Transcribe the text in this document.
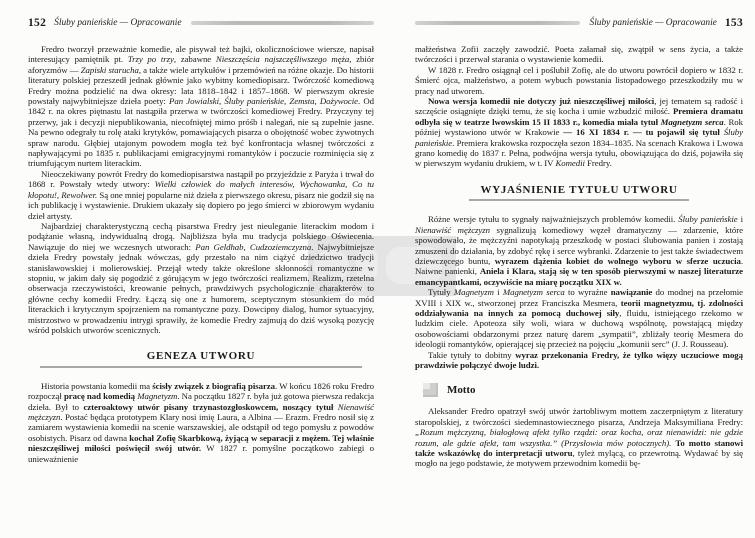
152 Śluby panieńskie — Opracowanie

Fredro tworzył przeważnie komedie, ale pisywał też bajki, okolicznościowe wiersze, napisał interesujący pamiętnik pt. Trzy po trzy, zabawne Nieszczęścia najszczęśliwszego męża, zbiór aforyzmów — Zapiski starucha, a także wiele artykułów i przemówień na różne okazje. Do historii literatury polskiej przeszedł jednak głównie jako wybitny komediopisarz. Twórczość komediową Fredry można podzielić na dwa okresy: lata 1818–1842 i 1857–1868. W pierwszym okresie powstały najwybitniejsze dzieła poety: Pan Jowialski, Śluby panieńskie, Zemsta, Dożywocie. Od 1842 r. na okres piętnastu lat nastąpiła przerwa w twórczości komediowej Fredry. Przyczyny tej przerwy, jak i decyzji niepublikowania, niecofniętej mimo próśb i nalegań, nie są zupełnie jasne. Na pewno odegrały tu rolę ataki krytyków, pomawiających pisarza o obojętność wobec żywotnych spraw narodu. Głębiej utajonym powodem mogła też być konfrontacja własnej twórczości z napływającymi po 1835 r. publikacjami emigracyjnymi romantyków i poczucie rozminięcia się z triumfującym nurtem literackim.

Nieoczekiwany powrót Fredry do komediopisarstwa nastąpił po przyjeździe z Paryża i trwał do 1868 r. Powstały wtedy utwory: Wielki człowiek do małych interesów, Wychowanka, Co tu kłopotu!, Rewolwer. Są one mniej popularne niż dzieła z pierwszego okresu, pisarz nie godził się na ich publikację i wystawienie. Drukiem ukazały się dopiero po jego śmierci w zbiorowym wydaniu dzieł artysty.

Najbardziej charakterystyczną cechą pisarstwa Fredry jest nieuleganie literackim modom i podążanie własną, indywidualną drogą. Najbliższa była mu tradycja polskiego Oświecenia. Nawiązuje do niej we wczesnych utworach: Pan Geldhab, Cudzoziemczyzna. Najwybitniejsze dzieła Fredry powstały jednak wówczas, gdy przestało na nim ciążyć dziedzictwo tradycji stanisławowskiej i molierowskiej. Przejął wtedy także określone skłonności romantyczne w stopniu, w jakim dały się pogodzić z górującym w jego twórczości realizmem. Realizm, rzetelna obserwacja rzeczywistości, kreowanie pełnych, prawdziwych psychologicznie charakterów to główne cechy komedii Fredry. Łączą się one z humorem, sceptycznym stosunkiem do mód literackich i krytycznym spojrzeniem na romantyczne pozy. Dowcipny dialog, humor sytuacyjny, mistrzostwo w prowadzeniu intrygi sprawiły, że komedie Fredry zajmują do dziś wysoką pozycję wśród polskich utworów scenicznych.

GENEZA UTWORU

Historia powstania komedii ma ścisły związek z biografią pisarza. W końcu 1826 roku Fredro rozpoczął pracę nad komedią Magnetyzm. Na początku 1827 r. była już gotowa pierwsza redakcja dzieła. Był to czteroaktowy utwór pisany trzynastozgłoskowcem, noszący tytuł Nienawiść mężczyzn. Postać będąca prototypem Klary nosi imię Laura, a Albina — Erazm. Fredro nosił się z zamiarem wystawienia komedii na scenie warszawskiej, ale odstąpił od tego pomysłu z powodów osobistych. Pisarz od dawna kochał Zofię Skarbkową, żyjącą w separacji z mężem. Tej właśnie nieszczęśliwej miłości poświęcił swój utwór. W 1827 r. pomyślne początkowo zabiegi o unieważnienie

Śluby panieńskie — Opracowanie 153

małżeństwa Zofii zaczęły zawodzić. Poeta załamał się, zwątpił w sens życia, a także twórczości i przerwał starania o wystawienie komedii.

W 1828 r. Fredro osiągnął cel i poślubił Zofię, ale do utworu powrócił dopiero w 1832 r. Śmierć ojca, małżeństwo, a potem wybuch powstania listopadowego przeszkodziły mu w pracy nad utworem.

Nowa wersja komedii nie dotyczy już nieszczęśliwej miłości, jej tematem są radość i szczęście osiągnięte dzięki temu, że się kocha i umie wzbudzić miłość. Premiera dramatu odbyła się w teatrze lwowskim 15 II 1833 r., komedia miała tytuł Magnetyzm serca. Rok później wystawiono utwór w Krakowie — 16 XI 1834 r. — tu pojawił się tytuł Śluby panieńskie. Premiera krakowska rozpoczęła sezon 1834–1835. Na scenach Krakowa i Lwowa grano komedię do 1837 r. Pełna, podwójna wersja tytułu, obowiązująca do dziś, pojawiła się w pierwszym wydaniu drukiem, w t. IV Komedii Fredry.

WYJAŚNIENIE TYTUŁU UTWORU

Różne wersje tytułu to sygnały najważniejszych problemów komedii. Śluby panieńskie i Nienawiść mężczyzn sygnalizują komediowy węzeł dramatyczny — zdarzenie, które spowodowało, że mężczyźni napotykają przeszkodę w postaci ślubowania panien i zostają zmuszeni do działania, by zdobyć rękę i serce wybranki. Zdarzenie to jest także świadectwem dziewczęcego buntu, wyrazem dążenia kobiet do wolnego wyboru w sferze uczucia. Naiwne panienki, Aniela i Klara, stają się w ten sposób pierwszymi w naszej literaturze emancypantkami, oczywiście na miarę początku XIX w.

Tytuły Magnetyzm i Magnetyzm serca to wyraźne nawiązanie do modnej na przełomie XVIII i XIX w., stworzonej przez Franciszka Mesmera, teorii magnetyzmu, tj. zdolności oddziaływania na innych za pomocą duchowej siły, fluidu, istniejącego rzekomo w ludzkim ciele. Apoteoza siły woli, wiara w duchową wspólnotę, powstającą między osobowościami obdarzonymi przez naturę darem „sympatii”, zbliżały teorię Mesmera do ideologii romantyków, opierającej się przecież na pojęciu „komunii serc” (J. J. Rousseau).

Takie tytuły to dobitny wyraz przekonania Fredry, że tylko więzy uczuciowe mogą prawdziwie połączyć dwoje ludzi.

Motto

Aleksander Fredro opatrzył swój utwór żartobliwym mottem zaczerpniętym z literatury staropolskiej, z twórczości siedemnastowiecznego pisarza, Andrzeja Maksymiliana Fredry: „Rozum mężczyzną, białogłową afekt tylko rządzi: oraz kocha, oraz nienawidzi: nie gdzie rozum, ale gdzie afekt, tam wszystka.” (Przysłowia mów potocznych). To motto stanowi także wskazówkę do interpretacji utworu, tyleż mylącą, co przewrotną. Wydawać by się mogło na jego podstawie, że motywem przewodnim komedii bę-
